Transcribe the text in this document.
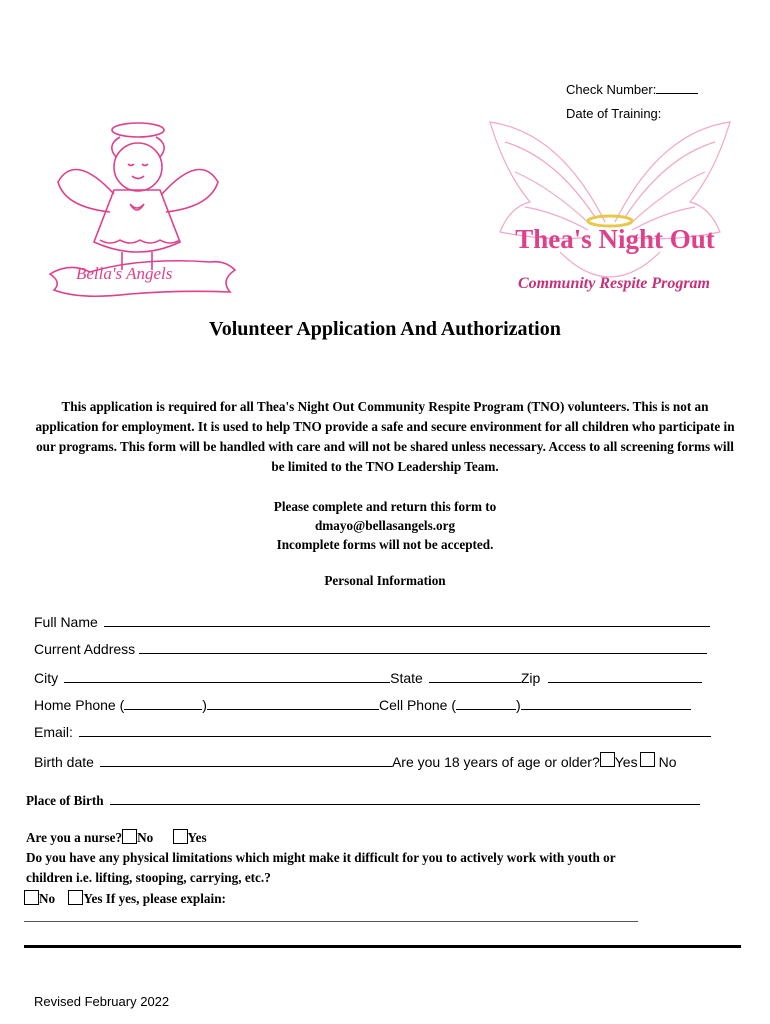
Check Number:
Date of Training:
Bella's Angels
Thea's Night Out
Community Respite Program
Volunteer Application And Authorization
This application is required for all Thea's Night Out Community Respite Program (TNO) volunteers. This is not an application for employment. It is used to help TNO provide a safe and secure environment for all children who participate in our programs. This form will be handled with care and will not be shared unless necessary. Access to all screening forms will be limited to the TNO Leadership Team.
Please complete and return this form to
dmayo@bellasangels.org
Incomplete forms will not be accepted.
Personal Information
Full Name
Current Address
City	State	Zip
Home Phone (	)	Cell Phone (	)
Email:
Birth date	Are you 18 years of age or older? Yes No
Place of Birth
Are you a nurse? No	Yes
Do you have any physical limitations which might make it difficult for you to actively work with youth or
children i.e. lifting, stooping, carrying, etc.?
No Yes If yes, please explain:
Revised February 2022
